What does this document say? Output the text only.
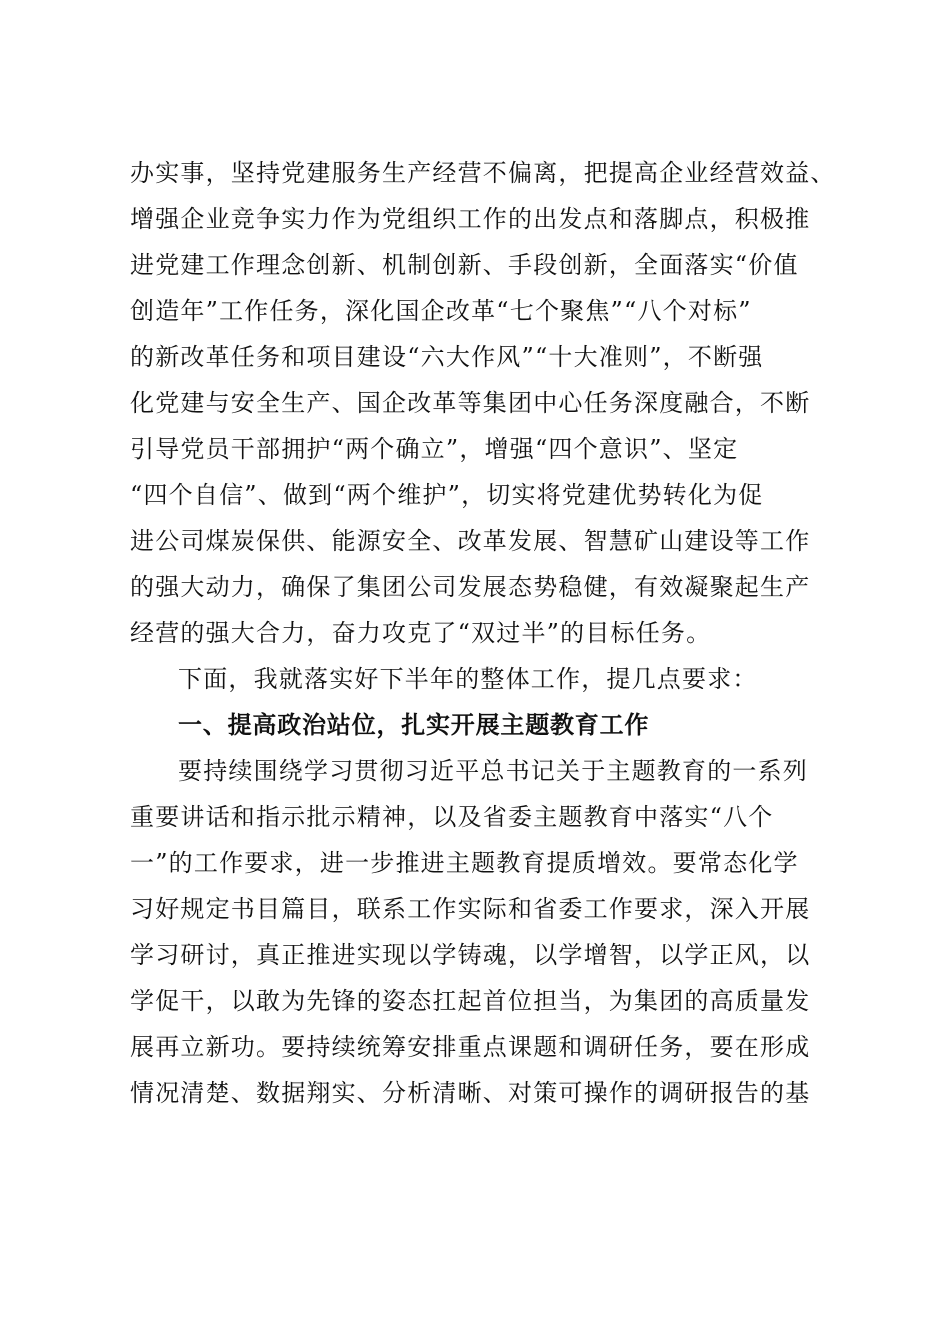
办实事，坚持党建服务生产经营不偏离，把提高企业经营效益、
增强企业竞争实力作为党组织工作的出发点和落脚点，积极推
进党建工作理念创新、机制创新、手段创新，全面落实“价值
创造年”工作任务，深化国企改革“七个聚焦”“八个对标”
的新改革任务和项目建设“六大作风”“十大准则”，不断强
化党建与安全生产、国企改革等集团中心任务深度融合，不断
引导党员干部拥护“两个确立”，增强“四个意识”、坚定
“四个自信”、做到“两个维护”，切实将党建优势转化为促
进公司煤炭保供、能源安全、改革发展、智慧矿山建设等工作
的强大动力，确保了集团公司发展态势稳健，有效凝聚起生产
经营的强大合力，奋力攻克了“双过半”的目标任务。
下面，我就落实好下半年的整体工作，提几点要求：
一、提高政治站位，扎实开展主题教育工作
要持续围绕学习贯彻习近平总书记关于主题教育的一系列
重要讲话和指示批示精神，以及省委主题教育中落实“八个
一”的工作要求，进一步推进主题教育提质增效。要常态化学
习好规定书目篇目，联系工作实际和省委工作要求，深入开展
学习研讨，真正推进实现以学铸魂，以学增智，以学正风，以
学促干，以敢为先锋的姿态扛起首位担当，为集团的高质量发
展再立新功。要持续统筹安排重点课题和调研任务，要在形成
情况清楚、数据翔实、分析清晰、对策可操作的调研报告的基
